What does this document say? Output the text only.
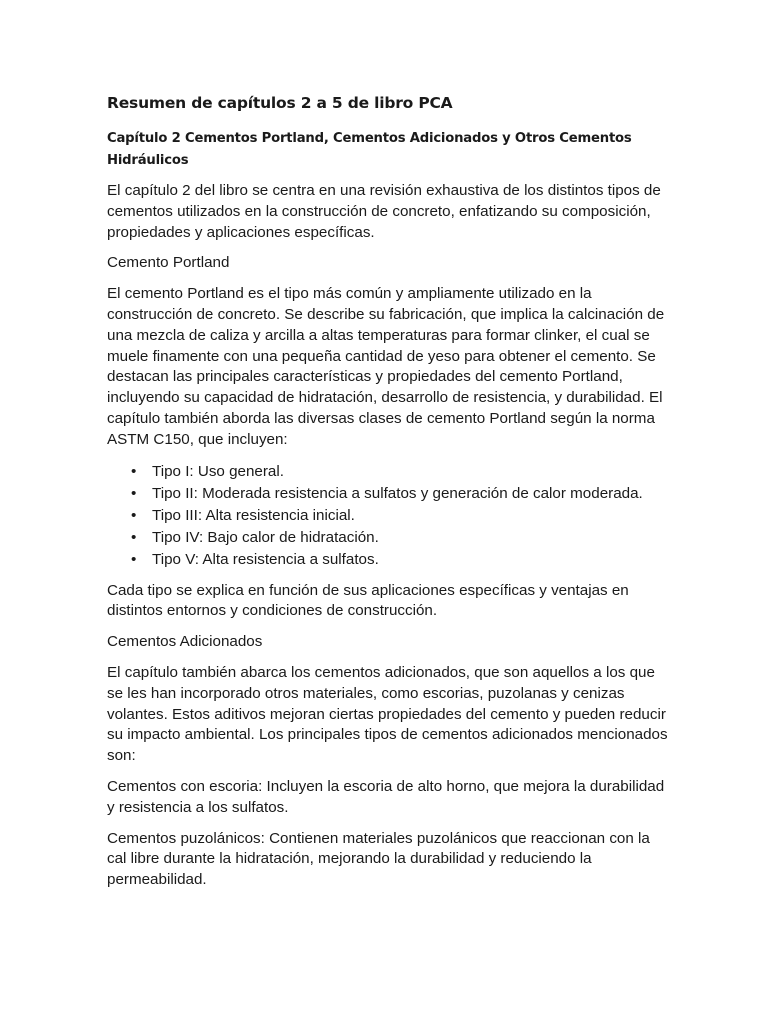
Resumen de capítulos 2 a 5 de libro PCA
Capítulo 2 Cementos Portland, Cementos Adicionados y Otros Cementos Hidráulicos

El capítulo 2 del libro se centra en una revisión exhaustiva de los distintos tipos de cementos utilizados en la construcción de concreto, enfatizando su composición, propiedades y aplicaciones específicas.

Cemento Portland

El cemento Portland es el tipo más común y ampliamente utilizado en la construcción de concreto. Se describe su fabricación, que implica la calcinación de una mezcla de caliza y arcilla a altas temperaturas para formar clinker, el cual se muele finamente con una pequeña cantidad de yeso para obtener el cemento. Se destacan las principales características y propiedades del cemento Portland, incluyendo su capacidad de hidratación, desarrollo de resistencia, y durabilidad. El capítulo también aborda las diversas clases de cemento Portland según la norma ASTM C150, que incluyen:

• Tipo I: Uso general.
• Tipo II: Moderada resistencia a sulfatos y generación de calor moderada.
• Tipo III: Alta resistencia inicial.
• Tipo IV: Bajo calor de hidratación.
• Tipo V: Alta resistencia a sulfatos.

Cada tipo se explica en función de sus aplicaciones específicas y ventajas en distintos entornos y condiciones de construcción.

Cementos Adicionados

El capítulo también abarca los cementos adicionados, que son aquellos a los que se les han incorporado otros materiales, como escorias, puzolanas y cenizas volantes. Estos aditivos mejoran ciertas propiedades del cemento y pueden reducir su impacto ambiental. Los principales tipos de cementos adicionados mencionados son:

Cementos con escoria: Incluyen la escoria de alto horno, que mejora la durabilidad y resistencia a los sulfatos.

Cementos puzolánicos: Contienen materiales puzolánicos que reaccionan con la cal libre durante la hidratación, mejorando la durabilidad y reduciendo la permeabilidad.
